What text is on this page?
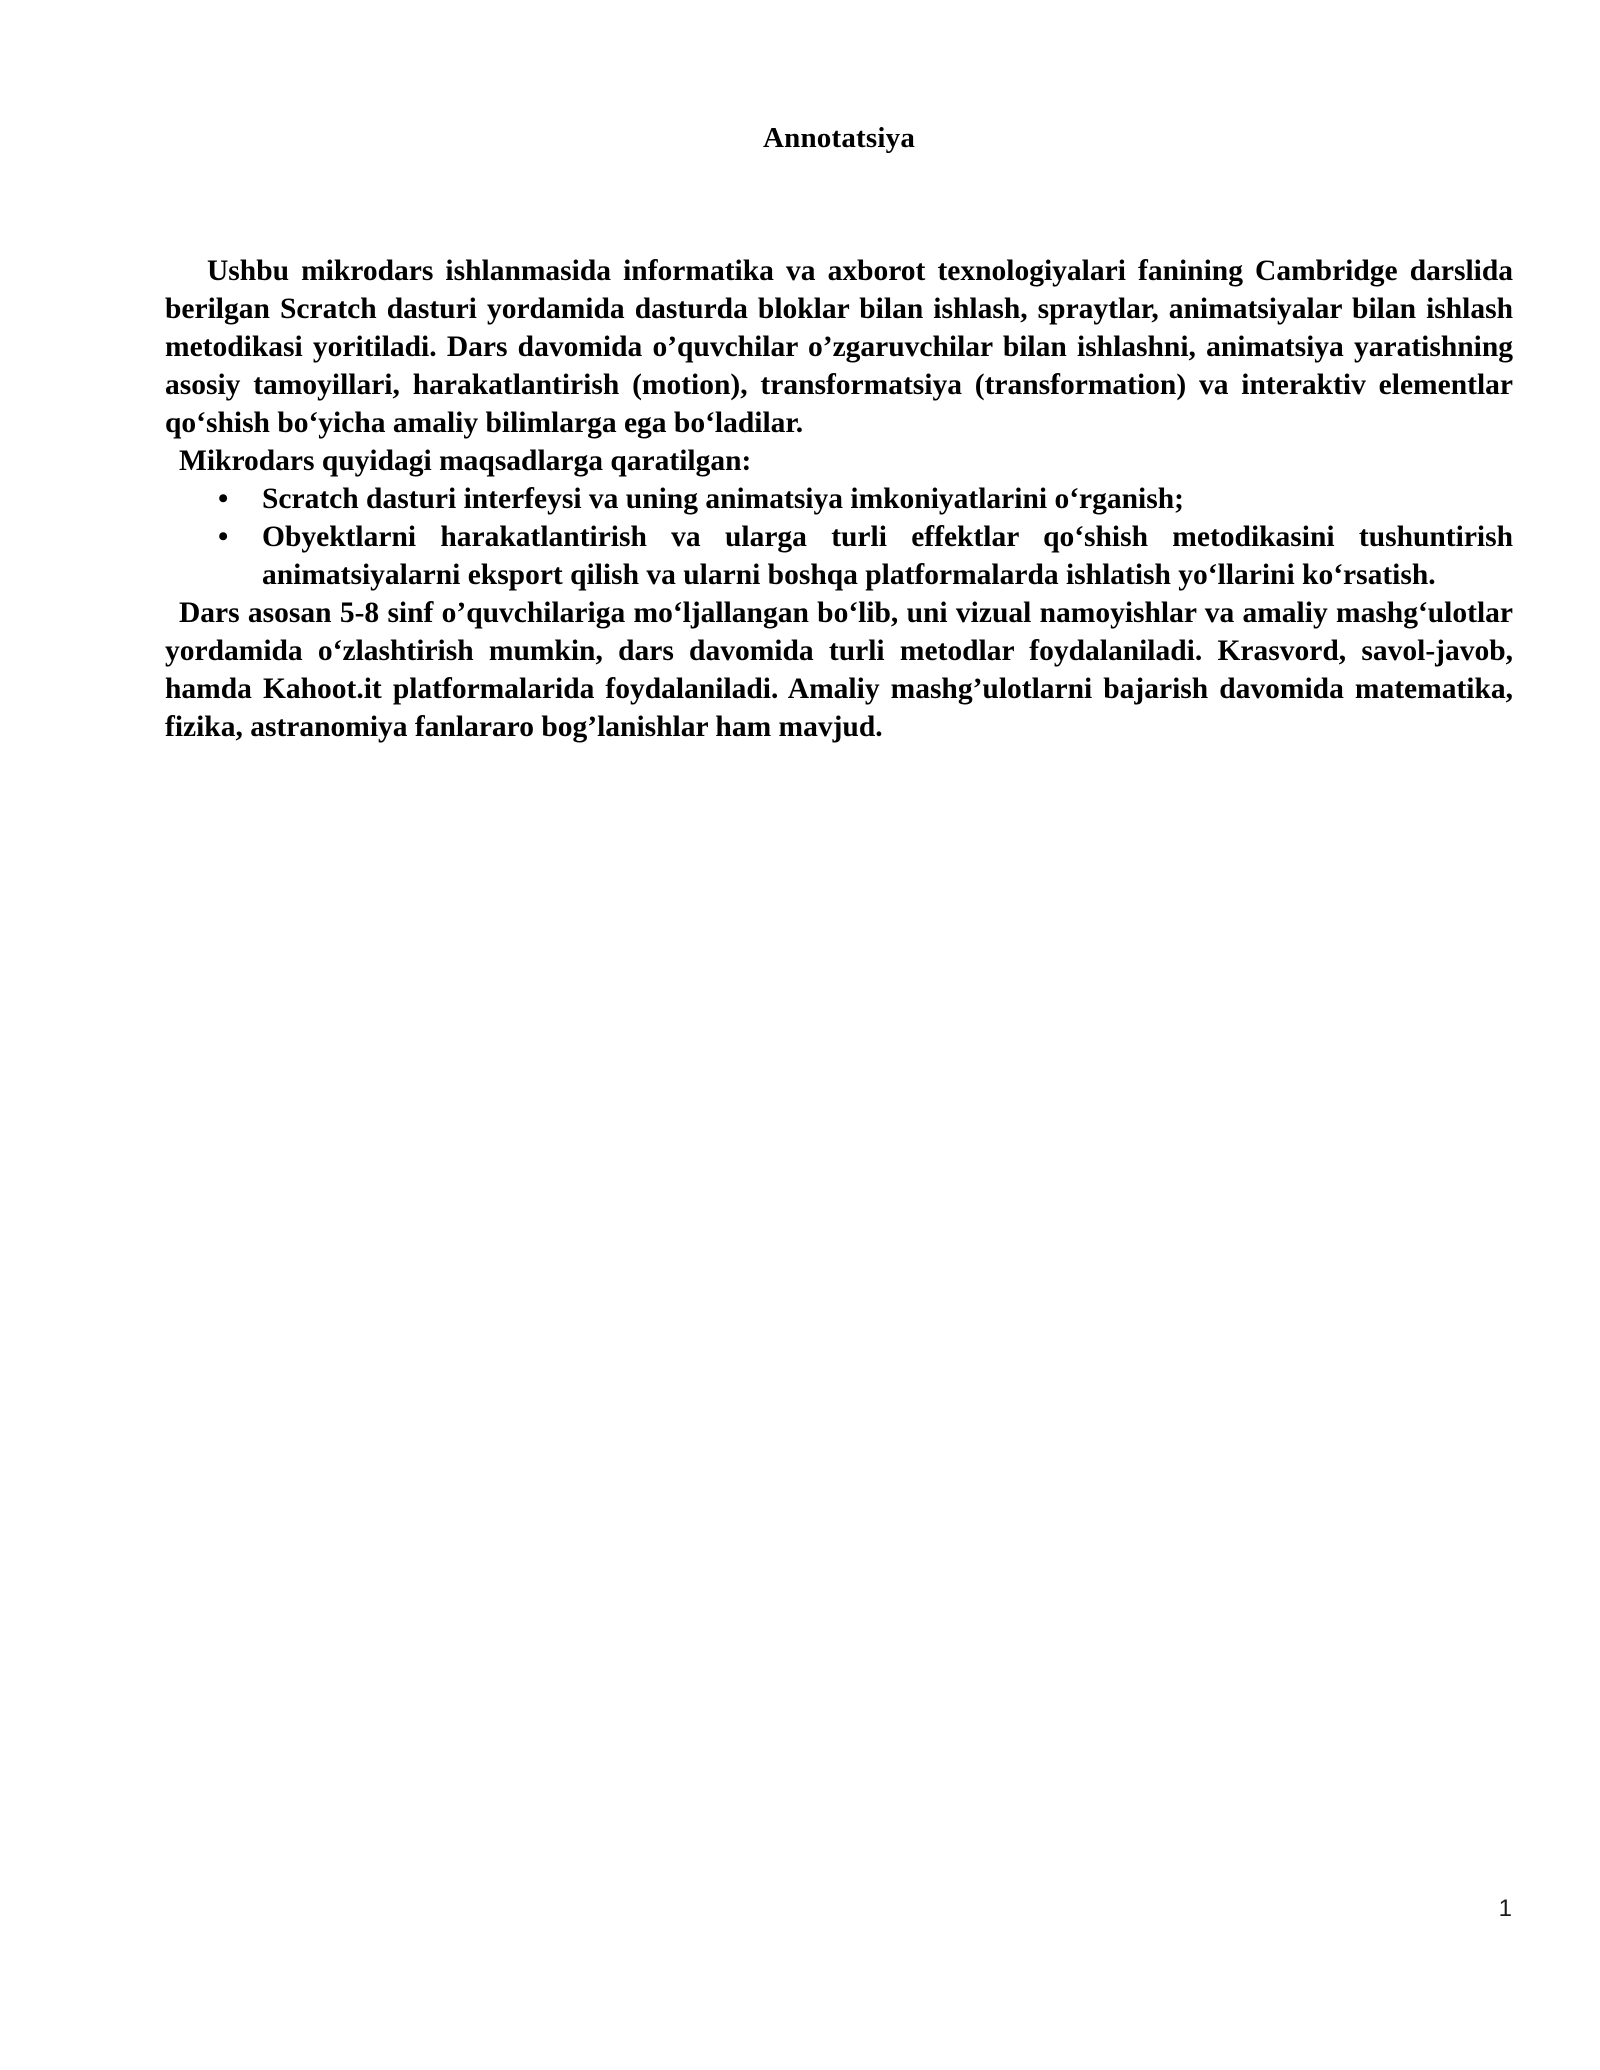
Annotatsiya

Ushbu mikrodars ishlanmasida informatika va axborot texnologiyalari fanining Cambridge darslida berilgan Scratch dasturi yordamida dasturda bloklar bilan ishlash, spraytlar, animatsiyalar bilan ishlash metodikasi yoritiladi. Dars davomida o’quvchilar o’zgaruvchilar bilan ishlashni, animatsiya yaratishning asosiy tamoyillari, harakatlantirish (motion), transformatsiya (transformation) va interaktiv elementlar qo‘shish bo‘yicha amaliy bilimlarga ega bo‘ladilar.

Mikrodars quyidagi maqsadlarga qaratilgan:

• Scratch dasturi interfeysi va uning animatsiya imkoniyatlarini o‘rganish;
• Obyektlarni harakatlantirish va ularga turli effektlar qo‘shish metodikasini tushuntirish animatsiyalarni eksport qilish va ularni boshqa platformalarda ishlatish yo‘llarini ko‘rsatish.

Dars asosan 5-8 sinf o’quvchilariga mo‘ljallangan bo‘lib, uni vizual namoyishlar va amaliy mashg‘ulotlar yordamida o‘zlashtirish mumkin, dars davomida turli metodlar foydalaniladi. Krasvord, savol-javob, hamda Kahoot.it platformalarida foydalaniladi. Amaliy mashg’ulotlarni bajarish davomida matematika, fizika, astranomiya fanlararo bog’lanishlar ham mavjud.

1
